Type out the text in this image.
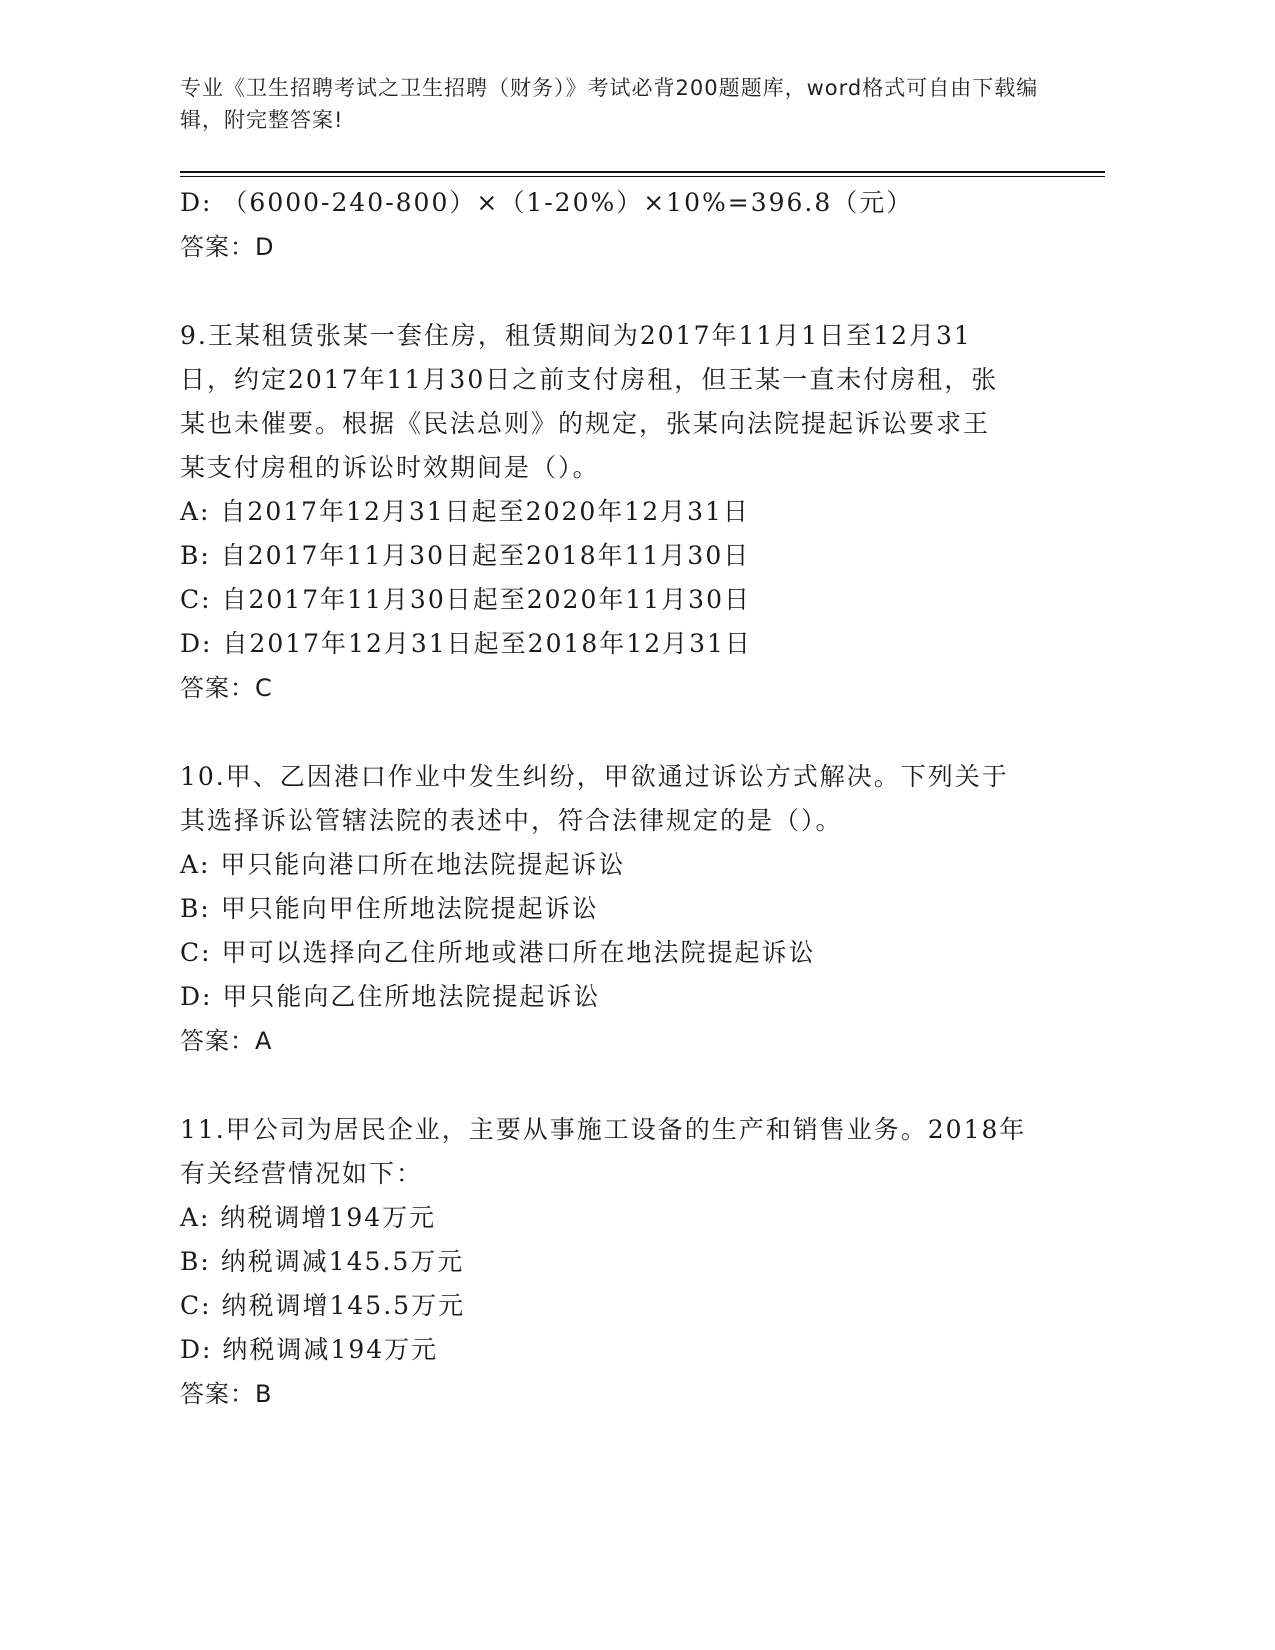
专业《卫生招聘考试之卫生招聘（财务）》考试必背200题题库，word格式可自由下载编辑，附完整答案!
D: （6000-240-800）×（1-20%）×10%=396.8（元）
答案：D
9.王某租赁张某一套住房，租赁期间为2017年11月1日至12月31
日，约定2017年11月30日之前支付房租，但王某一直未付房租，张
某也未催要。根据《民法总则》的规定，张某向法院提起诉讼要求王
某支付房租的诉讼时效期间是（）。
A: 自2017年12月31日起至2020年12月31日
B: 自2017年11月30日起至2018年11月30日
C: 自2017年11月30日起至2020年11月30日
D: 自2017年12月31日起至2018年12月31日
答案：C
10.甲、乙因港口作业中发生纠纷，甲欲通过诉讼方式解决。下列关于
其选择诉讼管辖法院的表述中，符合法律规定的是（）。
A: 甲只能向港口所在地法院提起诉讼
B: 甲只能向甲住所地法院提起诉讼
C: 甲可以选择向乙住所地或港口所在地法院提起诉讼
D: 甲只能向乙住所地法院提起诉讼
答案：A
11.甲公司为居民企业，主要从事施工设备的生产和销售业务。2018年
有关经营情况如下：
A: 纳税调增194万元
B: 纳税调减145.5万元
C: 纳税调增145.5万元
D: 纳税调减194万元
答案：B
